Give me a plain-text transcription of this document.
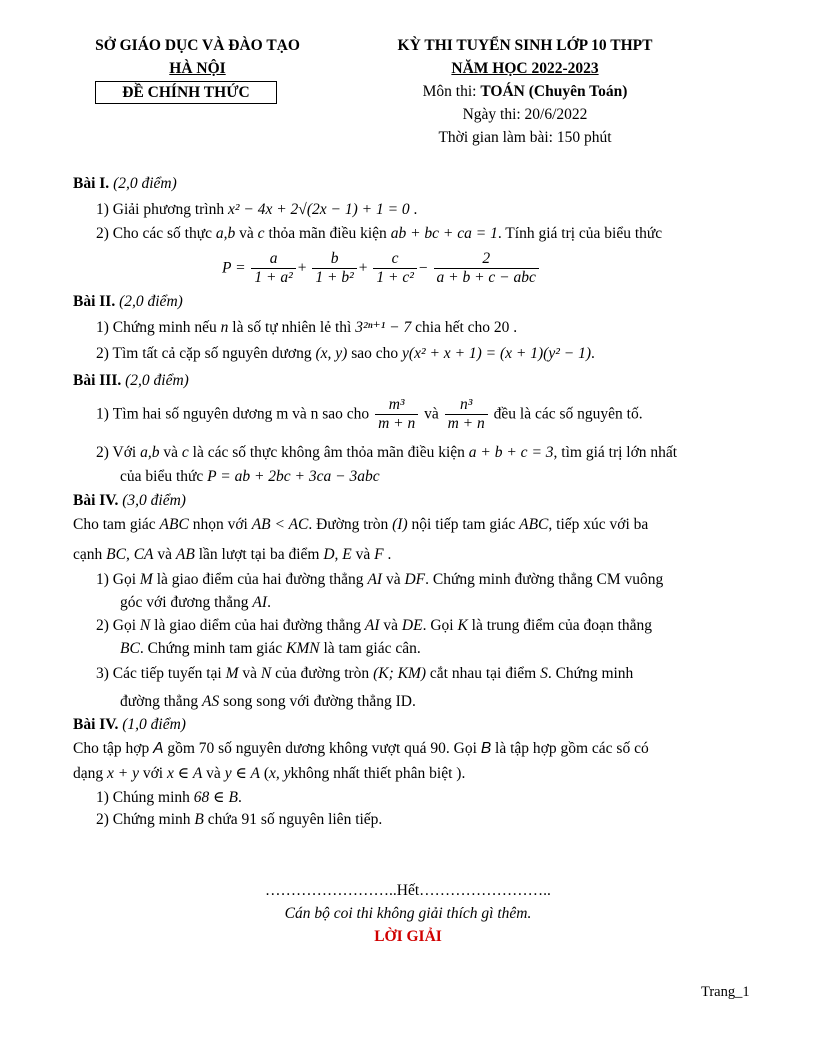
SỞ GIÁO DỤC VÀ ĐÀO TẠO
HÀ NỘI
ĐỀ CHÍNH THỨC
KỲ THI TUYỂN SINH LỚP 10 THPT
NĂM HỌC 2022-2023
Môn thi: TOÁN (Chuyên Toán)
Ngày thi: 20/6/2022
Thời gian làm bài: 150 phút
Bài I. (2,0 điểm)
1) Giải phương trình x² − 4x + 2√(2x − 1) + 1 = 0 .
2) Cho các số thực a,b và c thỏa mãn điều kiện ab + bc + ca = 1. Tính giá trị của biểu thức
$P = \frac{a}{\text{1 + a²}} + \frac{b}{\text{1 + b²}} + \frac{c}{\text{1 + c²}} - \frac{2}{\text{a + b + c − abc}}$
Bài II. (2,0 điểm)
1) Chứng minh nếu n là số tự nhiên lẻ thì 3²ⁿ⁺¹ − 7 chia hết cho 20 .
2) Tìm tất cả cặp số nguyên dương (x, y) sao cho y(x² + x + 1) = (x + 1)(y² − 1).
Bài III. (2,0 điểm)
1) Tìm hai số nguyên dương m và n sao cho $\frac{\text{m³}}{m + n}$ và $\frac{\text{n³}}{m + n}$ đều là các số nguyên tố.
2) Với a,b và c là các số thực không âm thỏa mãn điều kiện a + b + c = 3, tìm giá trị lớn nhất
của biểu thức P = ab + 2bc + 3ca − 3abc
Bài IV. (3,0 điểm)
Cho tam giác ABC nhọn với AB < AC. Đường tròn (I) nội tiếp tam giác ABC, tiếp xúc với ba
cạnh BC, CA và AB lần lượt tại ba điểm D, E và F .
1) Gọi M là giao điểm của hai đường thẳng AI và DF. Chứng minh đường thẳng CM vuông
góc với đương thẳng AI.
2) Gọi N là giao diểm của hai đường thẳng AI và DE. Gọi K là trung điểm của đoạn thẳng
BC. Chứng minh tam giác KMN là tam giác cân.
3) Các tiếp tuyến tại M và N của đường tròn (K; KM) cắt nhau tại điểm S. Chứng minh
đường thẳng AS song song với đường thẳng ID.
Bài IV. (1,0 điểm)
Cho tập hợp A gồm 70 số nguyên dương không vượt quá 90. Gọi B là tập hợp gồm các số có
dạng x + y với x ∈ A và y ∈ A (x, ykhông nhất thiết phân biệt ).
1) Chúng minh 68 ∈ B.
2) Chứng minh B chứa 91 số nguyên liên tiếp.
……………………..Hết……………………..
Cán bộ coi thi không giải thích gì thêm.
LỜI GIẢI
Trang_1
